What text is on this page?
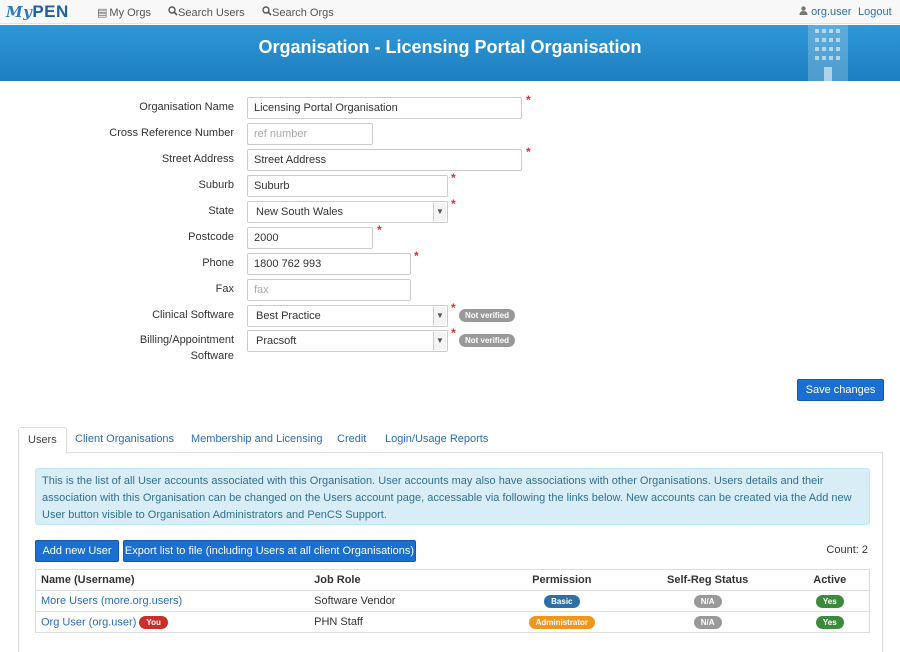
MyPEN	▤ My Orgs	Search Users	Search Orgs	org.user Logout
Organisation - Licensing Portal Organisation
Organisation Name	Licensing Portal Organisation
*
Cross Reference Number	ref number
Street Address	Street Address
*
Suburb	Suburb
*
State	New South Wales	▼
*
Postcode	2000
*
Phone	1800 762 993
*
Fax	fax
Clinical Software	Best Practice	▼
*
Not verified
Billing/Appointment
Software
Pracsoft	▼
*
Not verified
Save changes
Users	Client Organisations	Membership and Licensing	Credit	Login/Usage Reports
This is the list of all User accounts associated with this Organisation. User accounts may also have associations with other Organisations. Users details and their association with this Organisation can be changed on the Users account page, accessable via following the links below. New accounts can be created via the Add new User button visible to Organisation Administrators and PenCS Support.
Add new User	Export list to file (including Users at all client Organisations)	Count: 2
Name (Username)	Job Role	Permission	Self-Reg Status	Active
More Users (more.org.users)	Software Vendor	Basic	N/A	Yes
Org User (org.user) You	PHN Staff	Administrator	N/A	Yes
